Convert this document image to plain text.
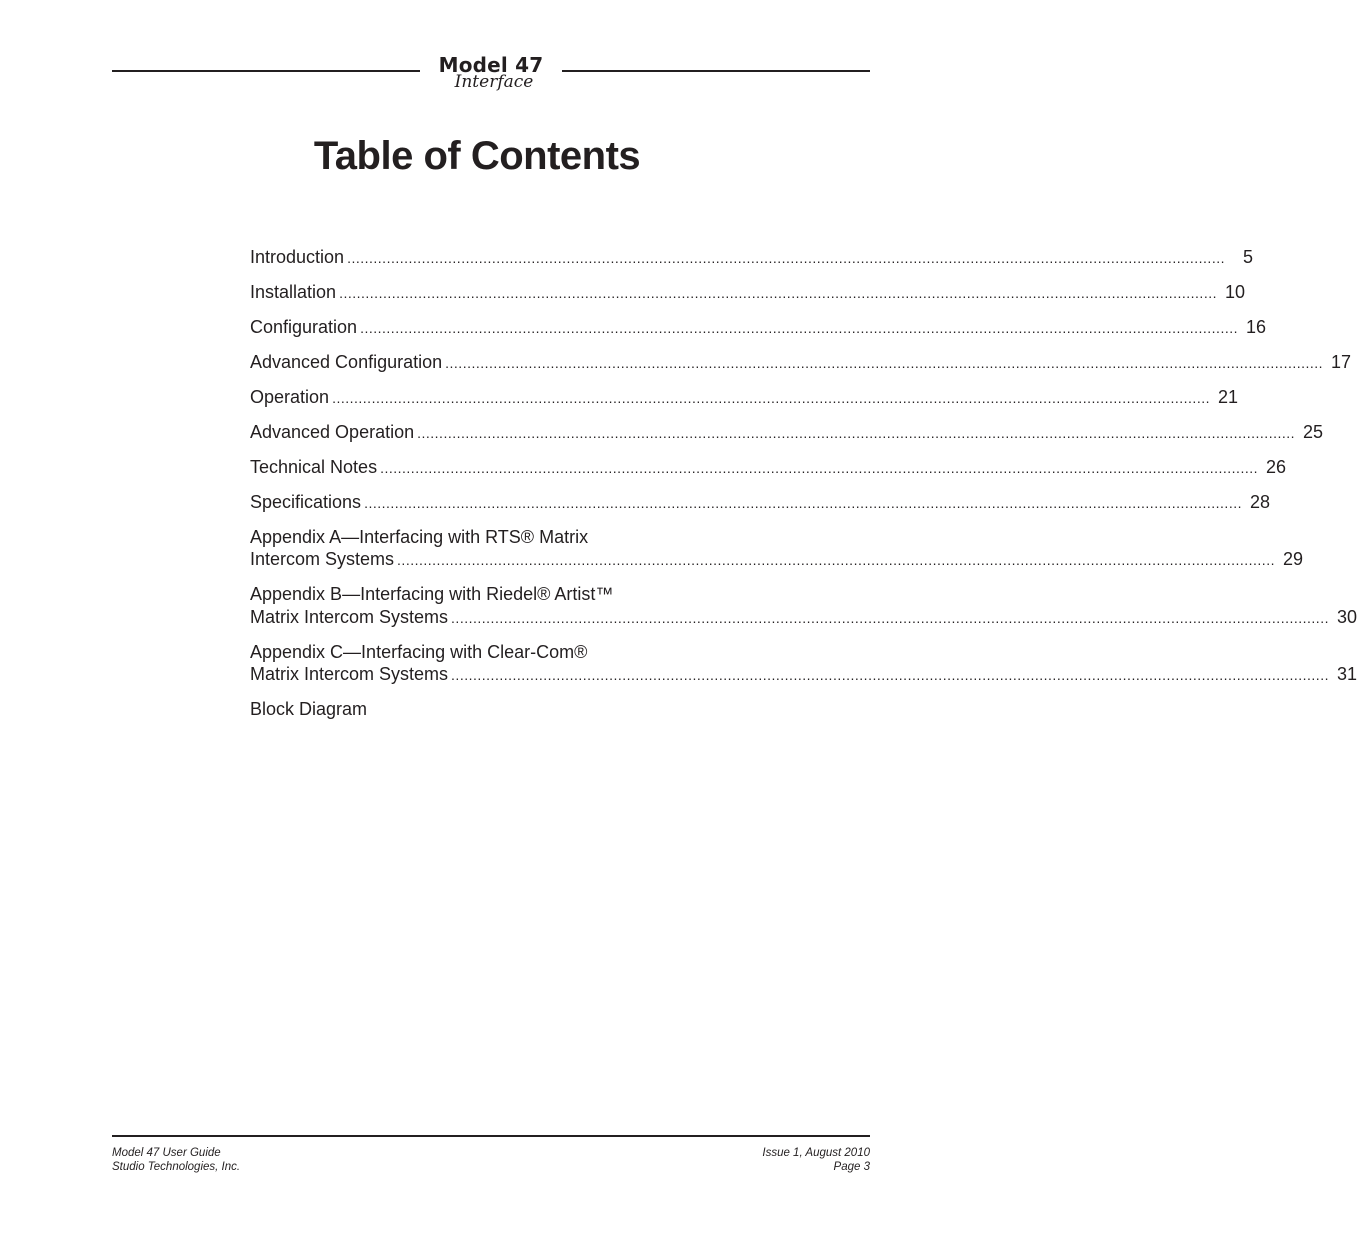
Model 47
Interface
Table of Contents
Introduction ........................................................................................................................................................................................................ 5
Installation ........................................................................................................................................................................................................ 10
Configuration ........................................................................................................................................................................................................ 16
Advanced Configuration ........................................................................................................................................................................................................ 17
Operation ........................................................................................................................................................................................................ 21
Advanced Operation ........................................................................................................................................................................................................ 25
Technical Notes ........................................................................................................................................................................................................ 26
Specifications ........................................................................................................................................................................................................ 28
Appendix A—Interfacing with RTS® Matrix
Intercom Systems ........................................................................................................................................................................................................ 29
Appendix B—Interfacing with Riedel® Artist™
Matrix Intercom Systems ........................................................................................................................................................................................................ 30
Appendix C—Interfacing with Clear-Com®
Matrix Intercom Systems ........................................................................................................................................................................................................ 31
Block Diagram
Model 47 User Guide
Studio Technologies, Inc.
Issue 1, August 2010
Page 3
